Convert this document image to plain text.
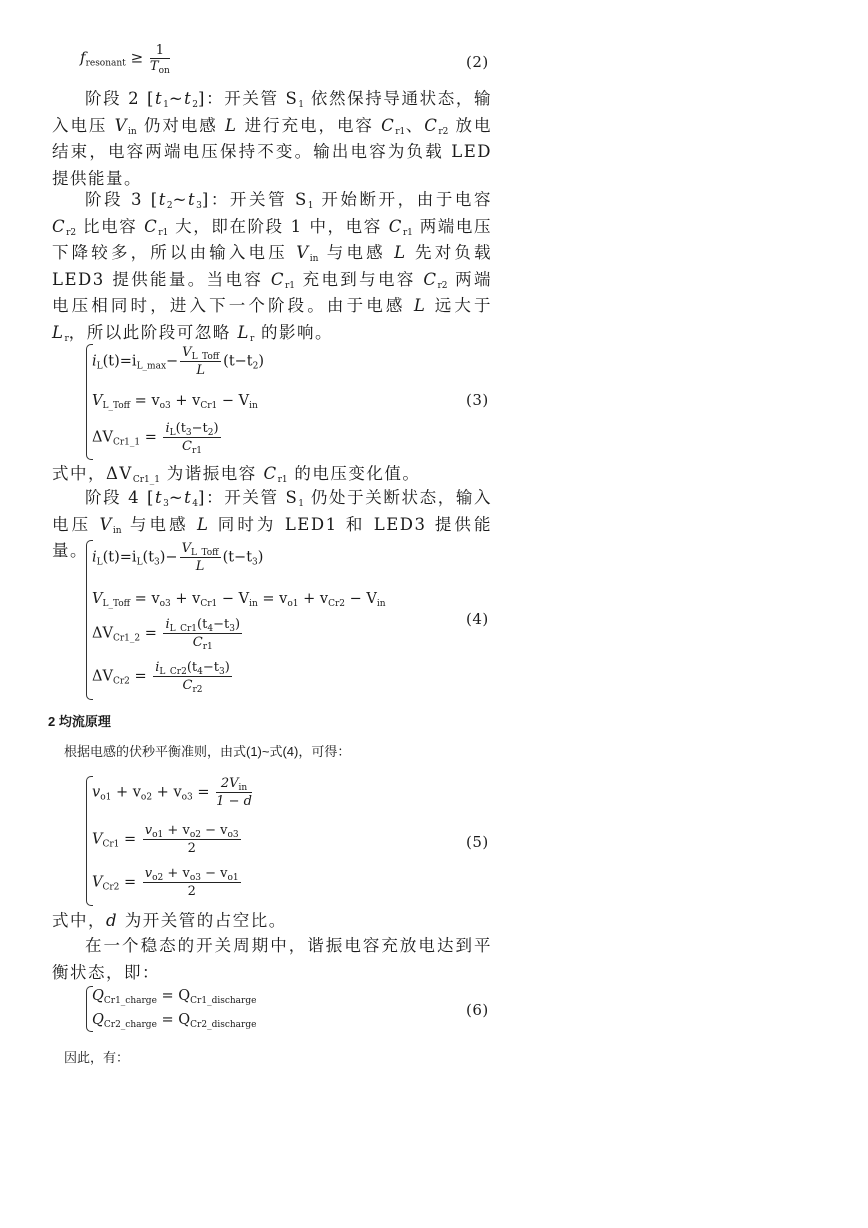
$f_{resonant} \ge \frac{1}{T_{on}}$	(2)

阶段 2 $[t_1\sim t_2]$：开关管 $S_1$ 依然保持导通状态，输入电压 $V_{in}$ 仍对电感 L 进行充电，电容 $C_{r1}$、$C_{r2}$ 放电结束，电容两端电压保持不变。输出电容为负载 LED 提供能量。

阶段 3 $[t_2\sim t_3]$：开关管 $S_1$ 开始断开，由于电容 $C_{r2}$ 比电容 $C_{r1}$ 大，即在阶段 1 中，电容 $C_{r1}$ 两端电压下降较多，所以由输入电压 $V_{in}$ 与电感 L 先对负载 LED3 提供能量。当电容 $C_{r1}$ 充电到与电容 $C_{r2}$ 两端电压相同时，进入下一个阶段。由于电感 L 远大于 $L_r$，所以此阶段可忽略 $L_r$ 的影响。

$i_L(t)=i_{L\_max}- \frac{V_{L\_Toff}}{L} (t-t_2)$
$V_{L\_Toff} = v_{o3} + v_{Cr1} - V_{in}$
$\Delta V_{Cr1\_1} = \frac{i_L(t_3-t_2)}{C_{r1}}$
(3)

式中，$\Delta V_{Cr1\_1}$ 为谐振电容 $C_{r1}$ 的电压变化值。

阶段 4 $[t_3\sim t_4]$：开关管 $S_1$ 仍处于关断状态，输入电压 $V_{in}$ 与电感 L 同时为 LED1 和 LED3 提供能量。 $i_L(t)=i_L(t_3)- \frac{V_{L\_Toff}}{L} (t-t_3)$
$V_{L\_Toff} = v_{o3} + v_{Cr1} - V_{in} = v_{o1} + v_{Cr2} - V_{in}$
$\Delta V_{Cr1\_2} = \frac{i_{L\_Cr1}(t_4-t_3)}{C_{r1}}$
$\Delta V_{Cr2} = \frac{i_{L\_Cr2}(t_4-t_3)}{C_{r2}}$
(4)
2 均流原理
根据电感的伏秒平衡准则，由式(1)~式(4)，可得：
$v_{o1} + v_{o2} + v_{o3} = \frac{2V_{in}}{1 - d}$
$V_{Cr1} = \frac{v_{o1} + v_{o2} - v_{o3}}{2}$
$V_{Cr2} = \frac{v_{o2} + v_{o3} - v_{o1}}{2}$
(5)

式中，d 为开关管的占空比。

在一个稳态的开关周期中，谐振电容充放电达到平衡状态，即：

$Q_{Cr1\_charge} = Q_{Cr1\_discharge}$
$Q_{Cr2\_charge} = Q_{Cr2\_discharge}$
(6)
因此，有：
